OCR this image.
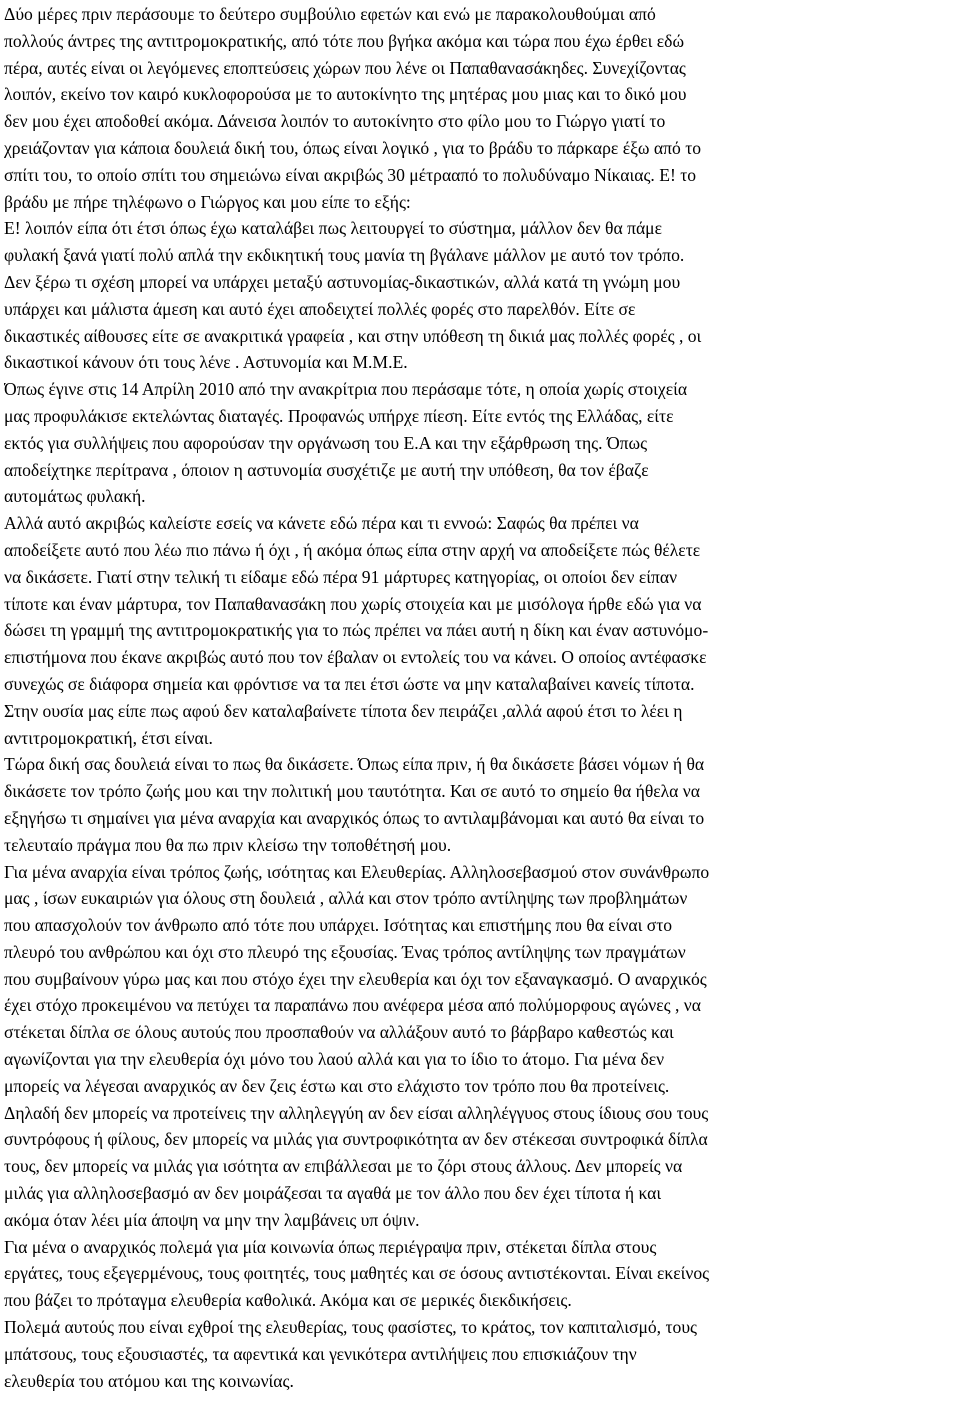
Δύο μέρες πριν περάσουμε το δεύτερο συμβούλιο εφετών και ενώ με παρακολουθούμαι από
πολλούς άντρες της αντιτρομοκρατικής, από τότε που βγήκα ακόμα και τώρα που έχω έρθει εδώ
πέρα, αυτές είναι οι λεγόμενες εποπτεύσεις χώρων που λένε οι Παπαθανασάκηδες. Συνεχίζοντας
λοιπόν, εκείνο τον καιρό κυκλοφορούσα με το αυτοκίνητο της μητέρας μου μιας και το δικό μου
δεν μου έχει αποδοθεί ακόμα. Δάνεισα λοιπόν το αυτοκίνητο στο φίλο μου το Γιώργο γιατί το
χρειάζονταν για κάποια δουλειά δική του, όπως είναι λογικό , για το βράδυ το πάρκαρε έξω από το
σπίτι του, το οποίο σπίτι του σημειώνω είναι ακριβώς 30 μέτρααπό το πολυδύναμο Νίκαιας. Ε! το
βράδυ με πήρε τηλέφωνο ο Γιώργος και μου είπε το εξής:
Ε! λοιπόν είπα ότι έτσι όπως έχω καταλάβει πως λειτουργεί το σύστημα, μάλλον δεν θα πάμε
φυλακή ξανά γιατί πολύ απλά την εκδικητική τους μανία τη βγάλανε μάλλον με αυτό τον τρόπο.
Δεν ξέρω τι σχέση μπορεί να υπάρχει μεταξύ αστυνομίας-δικαστικών, αλλά κατά τη γνώμη μου
υπάρχει και μάλιστα άμεση και αυτό έχει αποδειχτεί πολλές φορές στο παρελθόν. Είτε σε
δικαστικές αίθουσες είτε σε ανακριτικά γραφεία , και στην υπόθεση τη δικιά μας πολλές φορές , οι
δικαστικοί κάνουν ότι τους λένε . Αστυνομία και Μ.Μ.Ε.
Όπως έγινε στις 14 Απρίλη 2010 από την ανακρίτρια που περάσαμε τότε, η οποία χωρίς στοιχεία
μας προφυλάκισε εκτελώντας διαταγές. Προφανώς υπήρχε πίεση. Είτε εντός της Ελλάδας, είτε
εκτός για συλλήψεις που αφορούσαν την οργάνωση του Ε.Α και την εξάρθρωση της. Όπως
αποδείχτηκε περίτρανα , όποιον η αστυνομία συσχέτιζε με αυτή την υπόθεση, θα τον έβαζε
αυτομάτως φυλακή.
Αλλά αυτό ακριβώς καλείστε εσείς να κάνετε εδώ πέρα και τι εννοώ: Σαφώς θα πρέπει να
αποδείξετε αυτό που λέω πιο πάνω ή όχι , ή ακόμα όπως είπα στην αρχή να αποδείξετε πώς θέλετε
να δικάσετε. Γιατί στην τελική τι είδαμε εδώ πέρα 91 μάρτυρες κατηγορίας, οι οποίοι δεν είπαν
τίποτε και έναν μάρτυρα, τον Παπαθανασάκη που χωρίς στοιχεία και με μισόλογα ήρθε εδώ για να
δώσει τη γραμμή της αντιτρομοκρατικής για το πώς πρέπει να πάει αυτή η δίκη και έναν αστυνόμο-
επιστήμονα που έκανε ακριβώς αυτό που τον έβαλαν οι εντολείς του να κάνει. Ο οποίος αντέφασκε
συνεχώς σε διάφορα σημεία και φρόντισε να τα πει έτσι ώστε να μην καταλαβαίνει κανείς τίποτα.
Στην ουσία μας είπε πως αφού δεν καταλαβαίνετε τίποτα δεν πειράζει ,αλλά αφού έτσι το λέει η
αντιτρομοκρατική, έτσι είναι.
Τώρα δική σας δουλειά είναι το πως θα δικάσετε. Όπως είπα πριν, ή θα δικάσετε βάσει νόμων ή θα
δικάσετε τον τρόπο ζωής μου και την πολιτική μου ταυτότητα. Και σε αυτό το σημείο θα ήθελα να
εξηγήσω τι σημαίνει για μένα αναρχία και αναρχικός όπως το αντιλαμβάνομαι και αυτό θα είναι το
τελευταίο πράγμα που θα πω πριν κλείσω την τοποθέτησή μου.
Για μένα αναρχία είναι τρόπος ζωής, ισότητας και Ελευθερίας. Αλληλοσεβασμού στον συνάνθρωπο
μας , ίσων ευκαιριών για όλους στη δουλειά , αλλά και στον τρόπο αντίληψης των προβλημάτων
που απασχολούν τον άνθρωπο από τότε που υπάρχει. Ισότητας και επιστήμης που θα είναι στο
πλευρό του ανθρώπου και όχι στο πλευρό της εξουσίας. Ένας τρόπος αντίληψης των πραγμάτων
που συμβαίνουν γύρω μας και που στόχο έχει την ελευθερία και όχι τον εξαναγκασμό. Ο αναρχικός
έχει στόχο προκειμένου να πετύχει τα παραπάνω που ανέφερα μέσα από πολύμορφους αγώνες , να
στέκεται δίπλα σε όλους αυτούς που προσπαθούν να αλλάξουν αυτό το βάρβαρο καθεστώς και
αγωνίζονται για την ελευθερία όχι μόνο του λαού αλλά και για το ίδιο το άτομο. Για μένα δεν
μπορείς να λέγεσαι αναρχικός αν δεν ζεις έστω και στο ελάχιστο τον τρόπο που θα προτείνεις.
Δηλαδή δεν μπορείς να προτείνεις την αλληλεγγύη αν δεν είσαι αλληλέγγυος στους ίδιους σου τους
συντρόφους ή φίλους, δεν μπορείς να μιλάς για συντροφικότητα αν δεν στέκεσαι συντροφικά δίπλα
τους, δεν μπορείς να μιλάς για ισότητα αν επιβάλλεσαι με το ζόρι στους άλλους. Δεν μπορείς να
μιλάς για αλληλοσεβασμό αν δεν μοιράζεσαι τα αγαθά με τον άλλο που δεν έχει τίποτα ή και
ακόμα όταν λέει μία άποψη να μην την λαμβάνεις υπ όψιν.
Για μένα ο αναρχικός πολεμά για μία κοινωνία όπως περιέγραψα πριν, στέκεται δίπλα στους
εργάτες, τους εξεγερμένους, τους φοιτητές, τους μαθητές και σε όσους αντιστέκονται. Είναι εκείνος
που βάζει το πρόταγμα ελευθερία καθολικά. Ακόμα και σε μερικές διεκδικήσεις.
Πολεμά αυτούς που είναι εχθροί της ελευθερίας, τους φασίστες, το κράτος, τον καπιταλισμό, τους
μπάτσους, τους εξουσιαστές, τα αφεντικά και γενικότερα αντιλήψεις που επισκιάζουν την
ελευθερία του ατόμου και της κοινωνίας.
